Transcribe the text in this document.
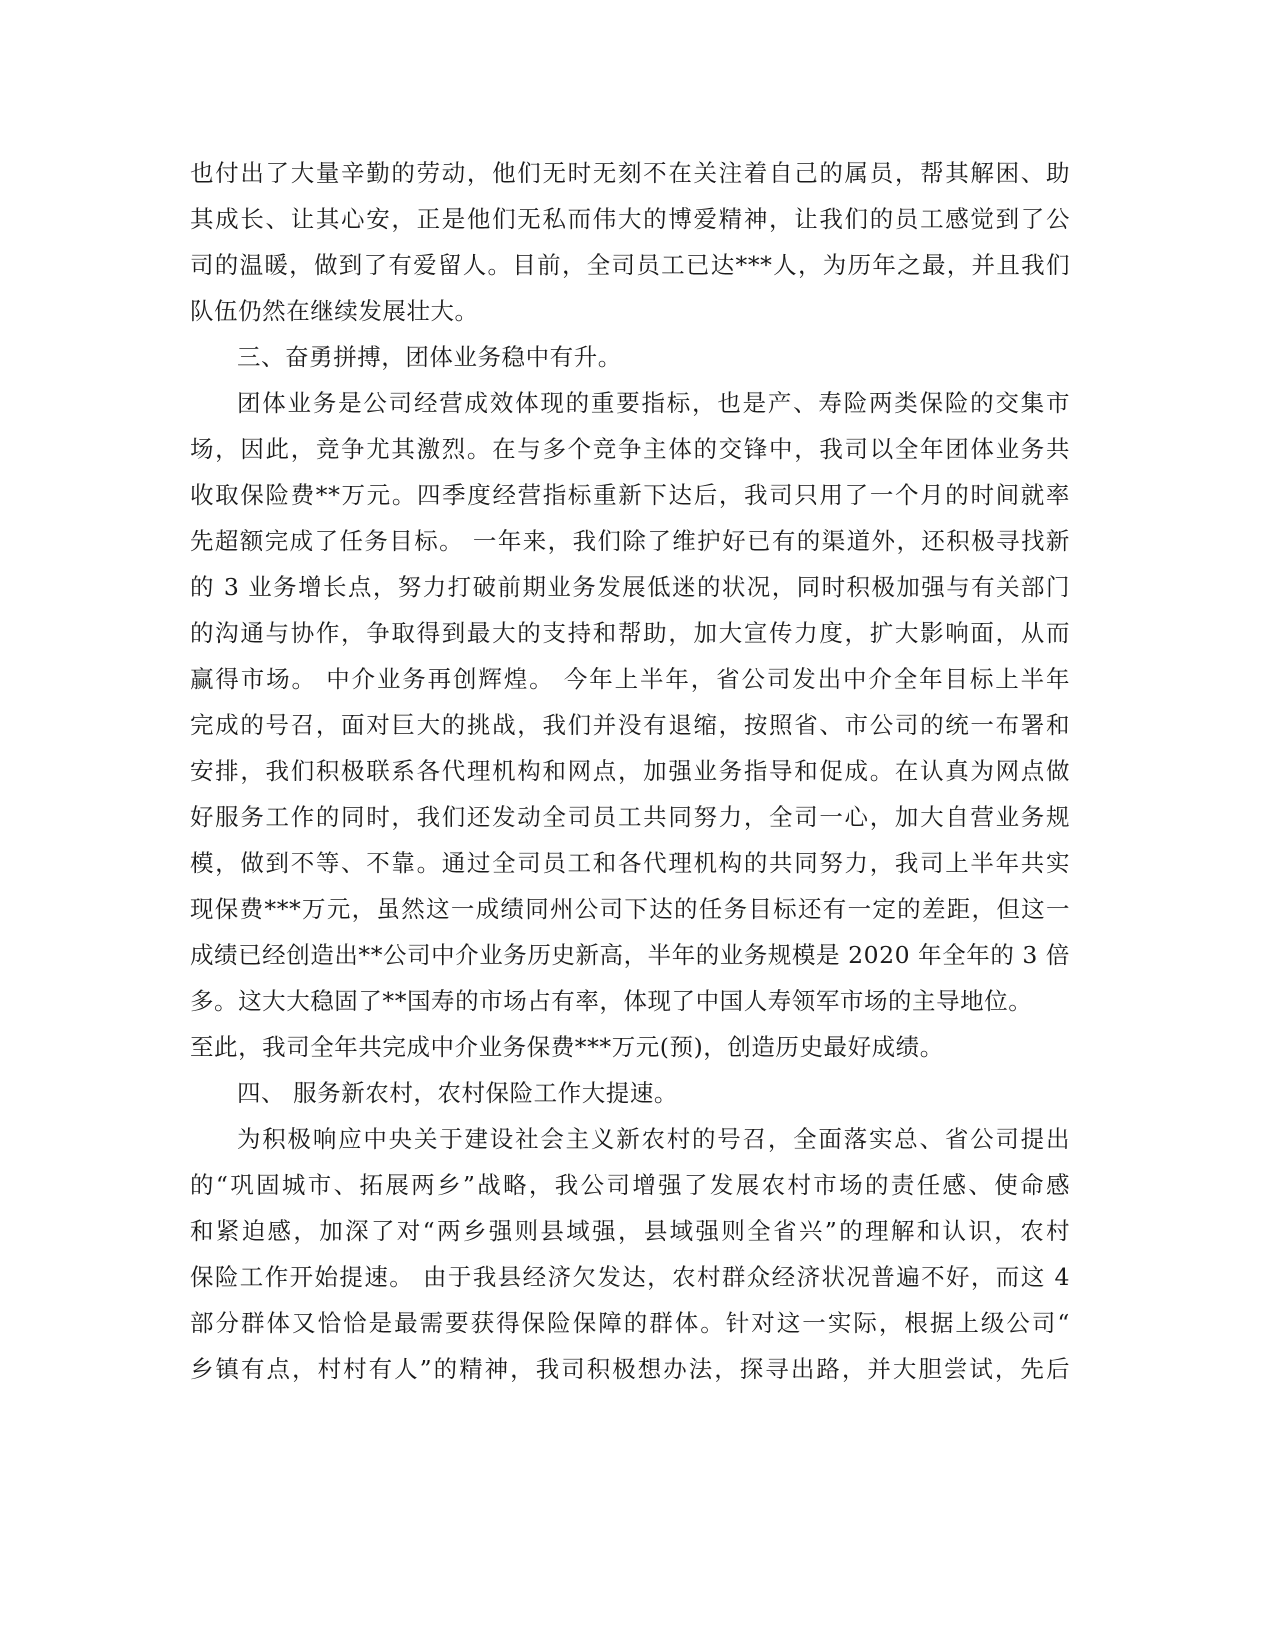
也付出了大量辛勤的劳动，他们无时无刻不在关注着自己的属员，帮其解困、助
其成长、让其心安，正是他们无私而伟大的博爱精神，让我们的员工感觉到了公
司的温暖，做到了有爱留人。目前，全司员工已达***人，为历年之最，并且我们
队伍仍然在继续发展壮大。
三、奋勇拼搏，团体业务稳中有升。
团体业务是公司经营成效体现的重要指标，也是产、寿险两类保险的交集市
场，因此，竞争尤其激烈。在与多个竞争主体的交锋中，我司以全年团体业务共
收取保险费**万元。四季度经营指标重新下达后，我司只用了一个月的时间就率
先超额完成了任务目标。 一年来，我们除了维护好已有的渠道外，还积极寻找新
的 3 业务增长点，努力打破前期业务发展低迷的状况，同时积极加强与有关部门
的沟通与协作，争取得到最大的支持和帮助，加大宣传力度，扩大影响面，从而
赢得市场。 中介业务再创辉煌。 今年上半年，省公司发出中介全年目标上半年
完成的号召，面对巨大的挑战，我们并没有退缩，按照省、市公司的统一布署和
安排，我们积极联系各代理机构和网点，加强业务指导和促成。在认真为网点做
好服务工作的同时，我们还发动全司员工共同努力，全司一心，加大自营业务规
模，做到不等、不靠。通过全司员工和各代理机构的共同努力，我司上半年共实
现保费***万元，虽然这一成绩同州公司下达的任务目标还有一定的差距，但这一
成绩已经创造出**公司中介业务历史新高，半年的业务规模是 2020 年全年的 3 倍
多。这大大稳固了**国寿的市场占有率，体现了中国人寿领军市场的主导地位。
至此，我司全年共完成中介业务保费***万元(预)，创造历史最好成绩。
四、 服务新农村，农村保险工作大提速。
为积极响应中央关于建设社会主义新农村的号召，全面落实总、省公司提出
的“巩固城市、拓展两乡”战略，我公司增强了发展农村市场的责任感、使命感
和紧迫感，加深了对“两乡强则县域强，县域强则全省兴”的理解和认识，农村
保险工作开始提速。 由于我县经济欠发达，农村群众经济状况普遍不好，而这 4
部分群体又恰恰是最需要获得保险保障的群体。针对这一实际，根据上级公司“
乡镇有点，村村有人”的精神，我司积极想办法，探寻出路，并大胆尝试，先后
